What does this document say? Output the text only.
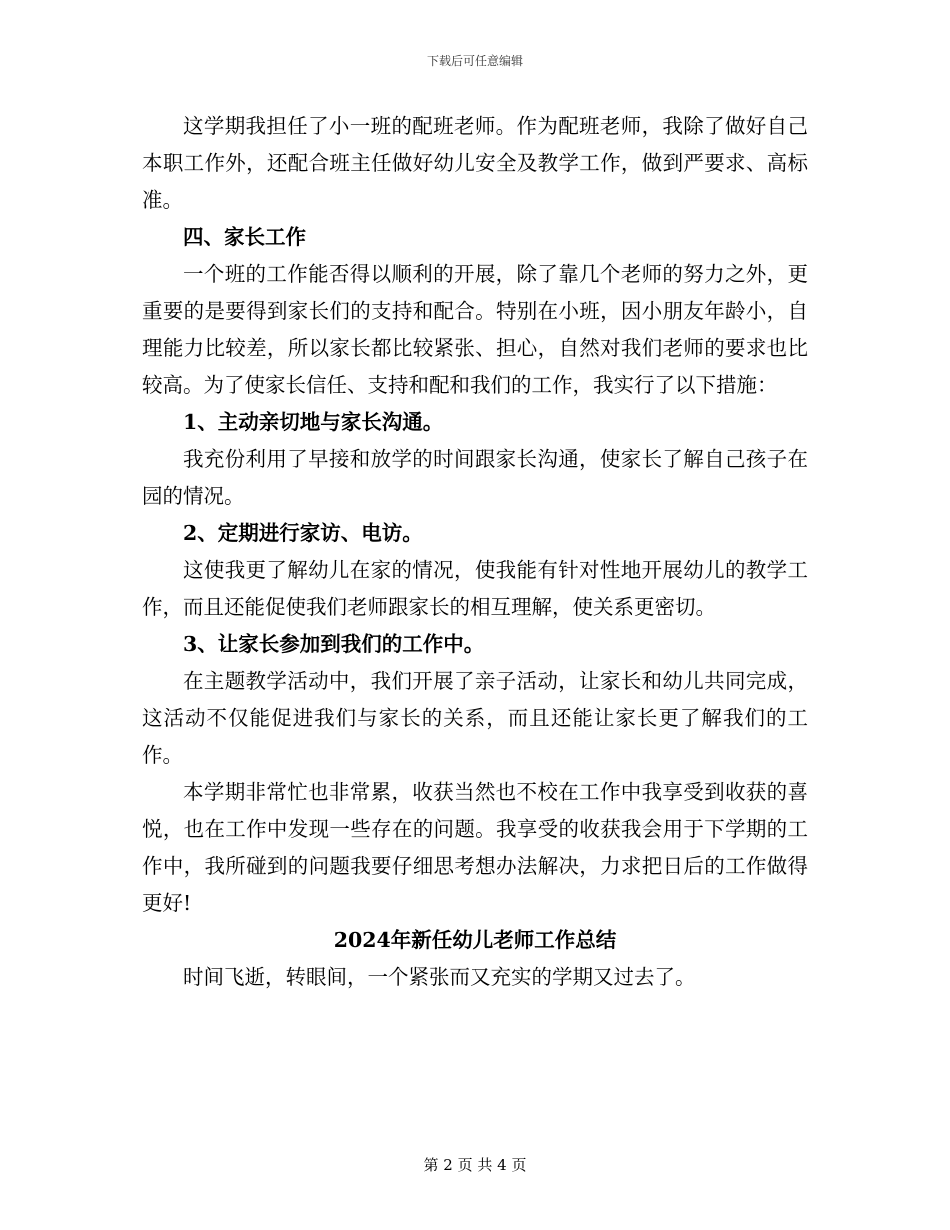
下载后可任意编辑

这学期我担任了小一班的配班老师。作为配班老师，我除了做好自己本职工作外，还配合班主任做好幼儿安全及教学工作，做到严要求、高标准。

四、家长工作

一个班的工作能否得以顺利的开展，除了靠几个老师的努力之外，更重要的是要得到家长们的支持和配合。特别在小班，因小朋友年龄小，自理能力比较差，所以家长都比较紧张、担心，自然对我们老师的要求也比较高。为了使家长信任、支持和配和我们的工作，我实行了以下措施：

1、主动亲切地与家长沟通。

我充份利用了早接和放学的时间跟家长沟通，使家长了解自己孩子在园的情况。

2、定期进行家访、电访。

这使我更了解幼儿在家的情况，使我能有针对性地开展幼儿的教学工作，而且还能促使我们老师跟家长的相互理解，使关系更密切。

3、让家长参加到我们的工作中。

在主题教学活动中，我们开展了亲子活动，让家长和幼儿共同完成，这活动不仅能促进我们与家长的关系，而且还能让家长更了解我们的工作。

本学期非常忙也非常累，收获当然也不校在工作中我享受到收获的喜悦，也在工作中发现一些存在的问题。我享受的收获我会用于下学期的工作中，我所碰到的问题我要仔细思考想办法解决，力求把日后的工作做得更好!

2024年新任幼儿老师工作总结

时间飞逝，转眼间，一个紧张而又充实的学期又过去了。

第 2 页 共 4 页
